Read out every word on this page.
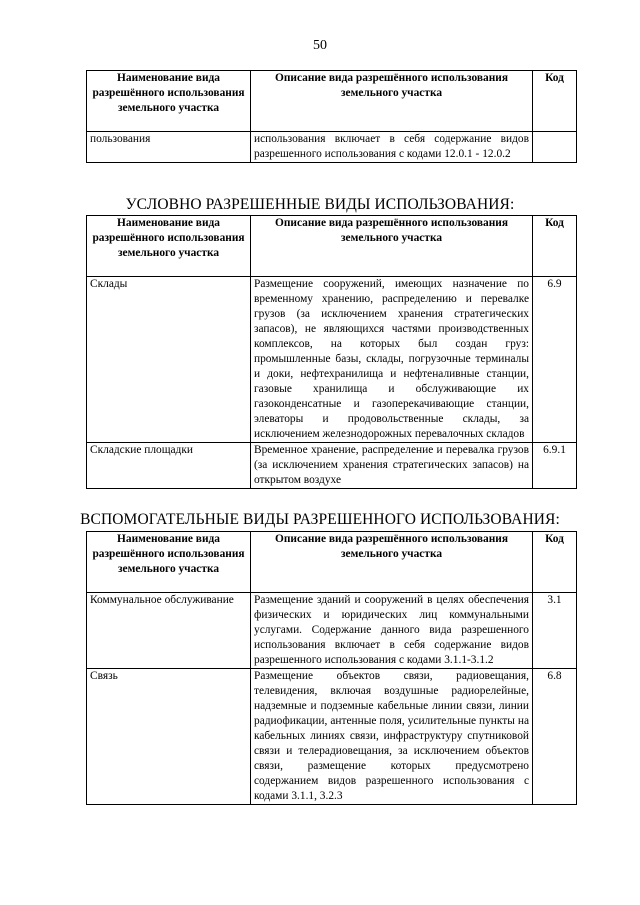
50
Наименование вида разрешённого использования земельного участка	Описание вида разрешённого использования земельного участка	Код
пользования	использования включает в себя содержание видов разрешенного использования с кодами 12.0.1 - 12.0.2	
УСЛОВНО РАЗРЕШЕННЫЕ ВИДЫ ИСПОЛЬЗОВАНИЯ:
Наименование вида разрешённого использования земельного участка	Описание вида разрешённого использования земельного участка	Код
Склады	Размещение сооружений, имеющих назначение по временному хранению, распределению и перевалке грузов (за исключением хранения стратегических запасов), не являющихся частями производственных комплексов, на которых был создан груз: промышленные базы, склады, погрузочные терминалы и доки, нефтехранилища и нефтеналивные станции, газовые хранилища и обслуживающие их газоконденсатные и газоперекачивающие станции, элеваторы и продовольственные склады, за исключением железнодорожных перевалочных складов	6.9
Складские площадки	Временное хранение, распределение и перевалка грузов (за исключением хранения стратегических запасов) на открытом воздухе	6.9.1
ВСПОМОГАТЕЛЬНЫЕ ВИДЫ РАЗРЕШЕННОГО ИСПОЛЬЗОВАНИЯ:
Наименование вида разрешённого использования земельного участка	Описание вида разрешённого использования земельного участка	Код
Коммунальное обслуживание	Размещение зданий и сооружений в целях обеспечения физических и юридических лиц коммунальными услугами. Содержание данного вида разрешенного использования включает в себя содержание видов разрешенного использования с кодами 3.1.1-3.1.2	3.1
Связь	Размещение объектов связи, радиовещания, телевидения, включая воздушные радиорелейные, надземные и подземные кабельные линии связи, линии радиофикации, антенные поля, усилительные пункты на кабельных линиях связи, инфраструктуру спутниковой связи и телерадиовещания, за исключением объектов связи, размещение которых предусмотрено содержанием видов разрешенного использования с кодами 3.1.1, 3.2.3	6.8
